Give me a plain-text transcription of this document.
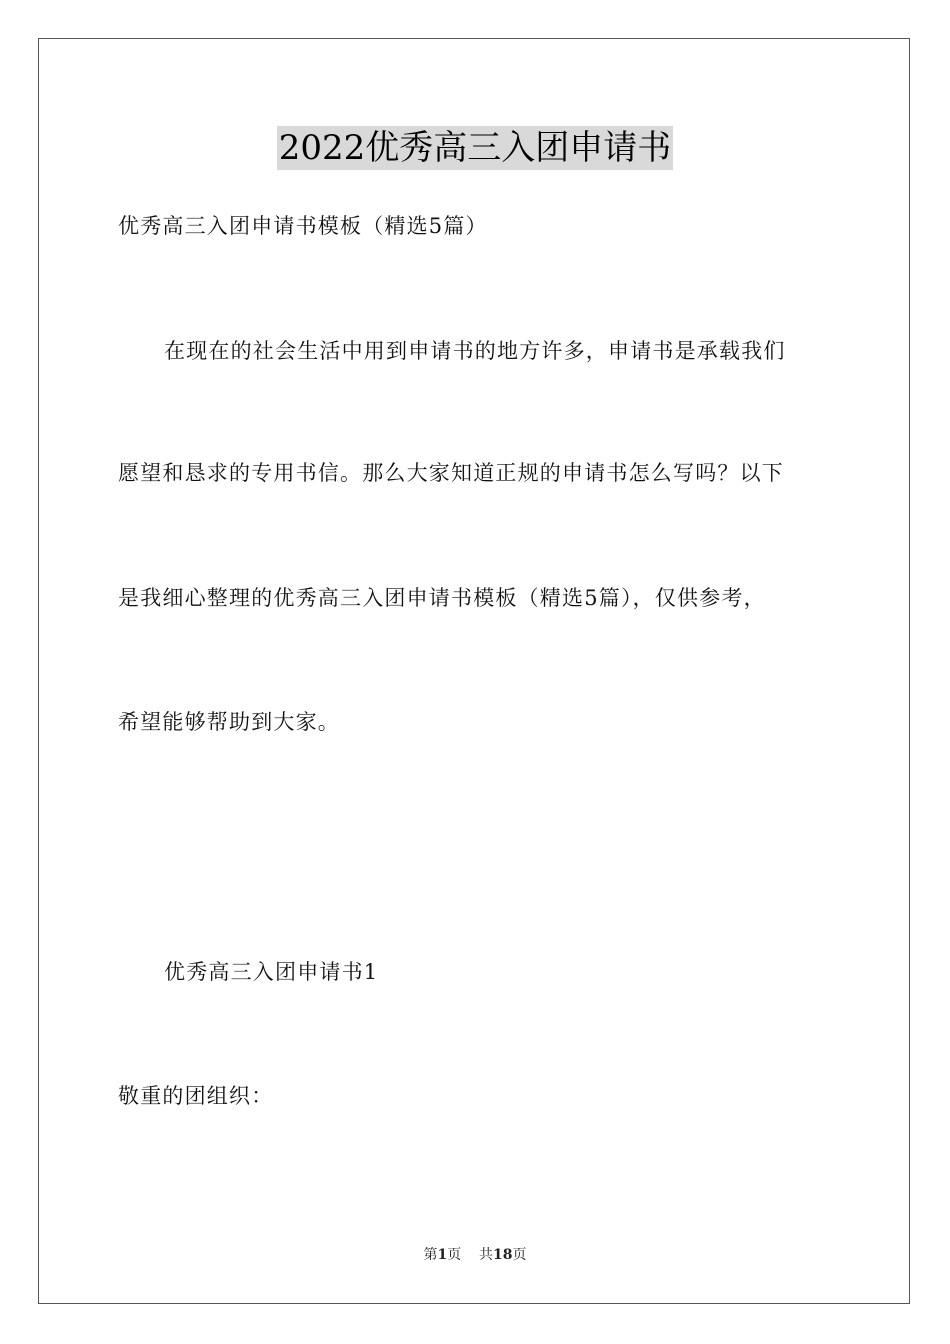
2022优秀高三入团申请书
优秀高三入团申请书模板（精选5篇）
在现在的社会生活中用到申请书的地方许多，申请书是承载我们
愿望和恳求的专用书信。那么大家知道正规的申请书怎么写吗？以下
是我细心整理的优秀高三入团申请书模板（精选5篇），仅供参考，
希望能够帮助到大家。
优秀高三入团申请书1
敬重的团组织：
第1页 共18页
